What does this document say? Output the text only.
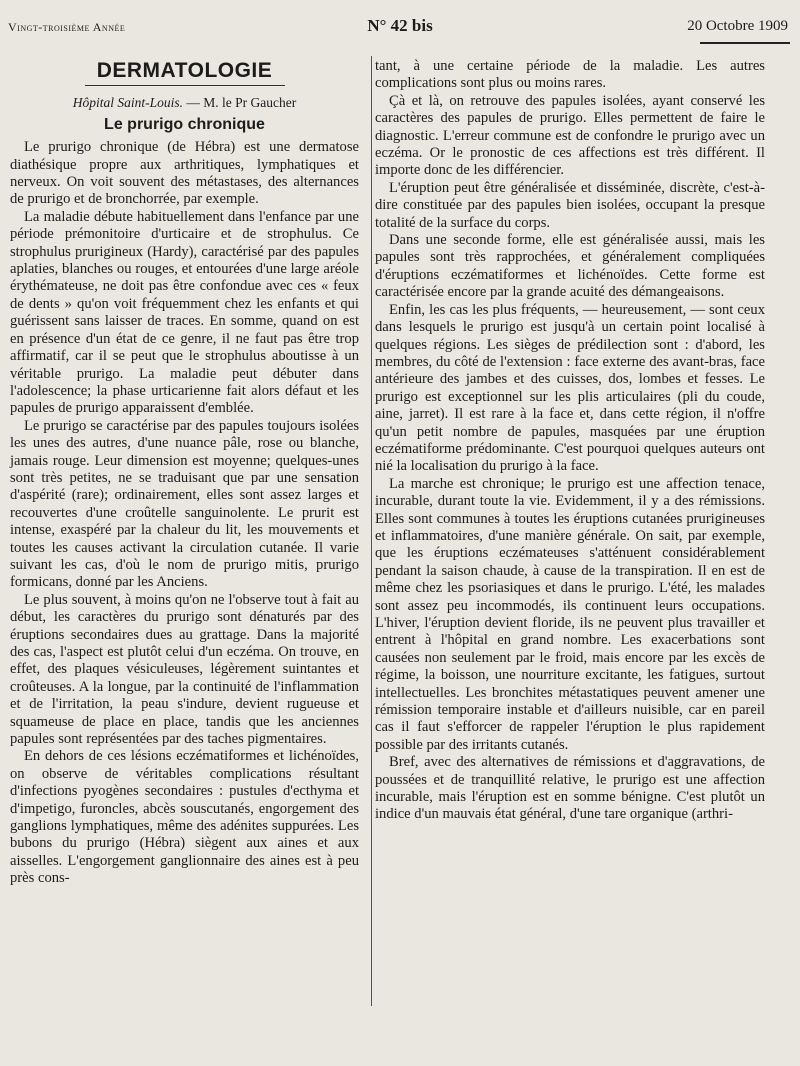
Vingt-troisième Année	N° 42 bis	20 Octobre 1909
DERMATOLOGIE
Hôpital Saint-Louis. — M. le Pr Gaucher
Le prurigo chronique

Le prurigo chronique (de Hébra) est une dermatose diathésique propre aux arthritiques, lymphatiques et nerveux. On voit souvent des métastases, des alternances de prurigo et de bronchorrée, par exemple.

La maladie débute habituellement dans l'enfance par une période prémonitoire d'urticaire et de strophulus. Ce strophulus prurigineux (Hardy), caractérisé par des papules aplaties, blanches ou rouges, et entourées d'une large aréole érythémateuse, ne doit pas être confondue avec ces « feux de dents » qu'on voit fréquemment chez les enfants et qui guérissent sans laisser de traces. En somme, quand on est en présence d'un état de ce genre, il ne faut pas être trop affirmatif, car il se peut que le strophulus aboutisse à un véritable prurigo. La maladie peut débuter dans l'adolescence; la phase urticarienne fait alors défaut et les papules de prurigo apparaissent d'emblée.

Le prurigo se caractérise par des papules toujours isolées les unes des autres, d'une nuance pâle, rose ou blanche, jamais rouge. Leur dimension est moyenne; quelques-unes sont très petites, ne se traduisant que par une sensation d'aspérité (rare); ordinairement, elles sont assez larges et recouvertes d'une croûtelle sanguinolente. Le prurit est intense, exaspéré par la chaleur du lit, les mouvements et toutes les causes activant la circulation cutanée. Il varie suivant les cas, d'où le nom de prurigo mitis, prurigo formicans, donné par les Anciens.

Le plus souvent, à moins qu'on ne l'observe tout à fait au début, les caractères du prurigo sont dénaturés par des éruptions secondaires dues au grattage. Dans la majorité des cas, l'aspect est plutôt celui d'un eczéma. On trouve, en effet, des plaques vésiculeuses, légèrement suintantes et croûteuses. A la longue, par la continuité de l'inflammation et de l'irritation, la peau s'indure, devient rugueuse et squameuse de place en place, tandis que les anciennes papules sont représentées par des taches pigmentaires.

En dehors de ces lésions eczématiformes et lichénoïdes, on observe de véritables complications résultant d'infections pyogènes secondaires : pustules d'ecthyma et d'impetigo, furoncles, abcès souscutanés, engorgement des ganglions lymphatiques, même des adénites suppurées. Les bubons du prurigo (Hébra) siègent aux aines et aux aisselles. L'engorgement ganglionnaire des aines est à peu près cons-

tant, à une certaine période de la maladie. Les autres complications sont plus ou moins rares.

Çà et là, on retrouve des papules isolées, ayant conservé les caractères des papules de prurigo. Elles permettent de faire le diagnostic. L'erreur commune est de confondre le prurigo avec un eczéma. Or le pronostic de ces affections est très différent. Il importe donc de les différencier.

L'éruption peut être généralisée et disséminée, discrète, c'est-à-dire constituée par des papules bien isolées, occupant la presque totalité de la surface du corps.

Dans une seconde forme, elle est généralisée aussi, mais les papules sont très rapprochées, et généralement compliquées d'éruptions eczématiformes et lichénoïdes. Cette forme est caractérisée encore par la grande acuité des démangeaisons.

Enfin, les cas les plus fréquents, — heureusement, — sont ceux dans lesquels le prurigo est jusqu'à un certain point localisé à quelques régions. Les sièges de prédilection sont : d'abord, les membres, du côté de l'extension : face externe des avant-bras, face antérieure des jambes et des cuisses, dos, lombes et fesses. Le prurigo est exceptionnel sur les plis articulaires (pli du coude, aine, jarret). Il est rare à la face et, dans cette région, il n'offre qu'un petit nombre de papules, masquées par une éruption eczématiforme prédominante. C'est pourquoi quelques auteurs ont nié la localisation du prurigo à la face.

La marche est chronique; le prurigo est une affection tenace, incurable, durant toute la vie. Evidemment, il y a des rémissions. Elles sont communes à toutes les éruptions cutanées prurigineuses et inflammatoires, d'une manière générale. On sait, par exemple, que les éruptions eczémateuses s'atténuent considérablement pendant la saison chaude, à cause de la transpiration. Il en est de même chez les psoriasiques et dans le prurigo. L'été, les malades sont assez peu incommodés, ils continuent leurs occupations. L'hiver, l'éruption devient floride, ils ne peuvent plus travailler et entrent à l'hôpital en grand nombre. Les exacerbations sont causées non seulement par le froid, mais encore par les excès de régime, la boisson, une nourriture excitante, les fatigues, surtout intellectuelles. Les bronchites métastatiques peuvent amener une rémission temporaire instable et d'ailleurs nuisible, car en pareil cas il faut s'efforcer de rappeler l'éruption le plus rapidement possible par des irritants cutanés.

Bref, avec des alternatives de rémissions et d'aggravations, de poussées et de tranquillité relative, le prurigo est une affection incurable, mais l'éruption est en somme bénigne. C'est plutôt un indice d'un mauvais état général, d'une tare organique (arthri-
